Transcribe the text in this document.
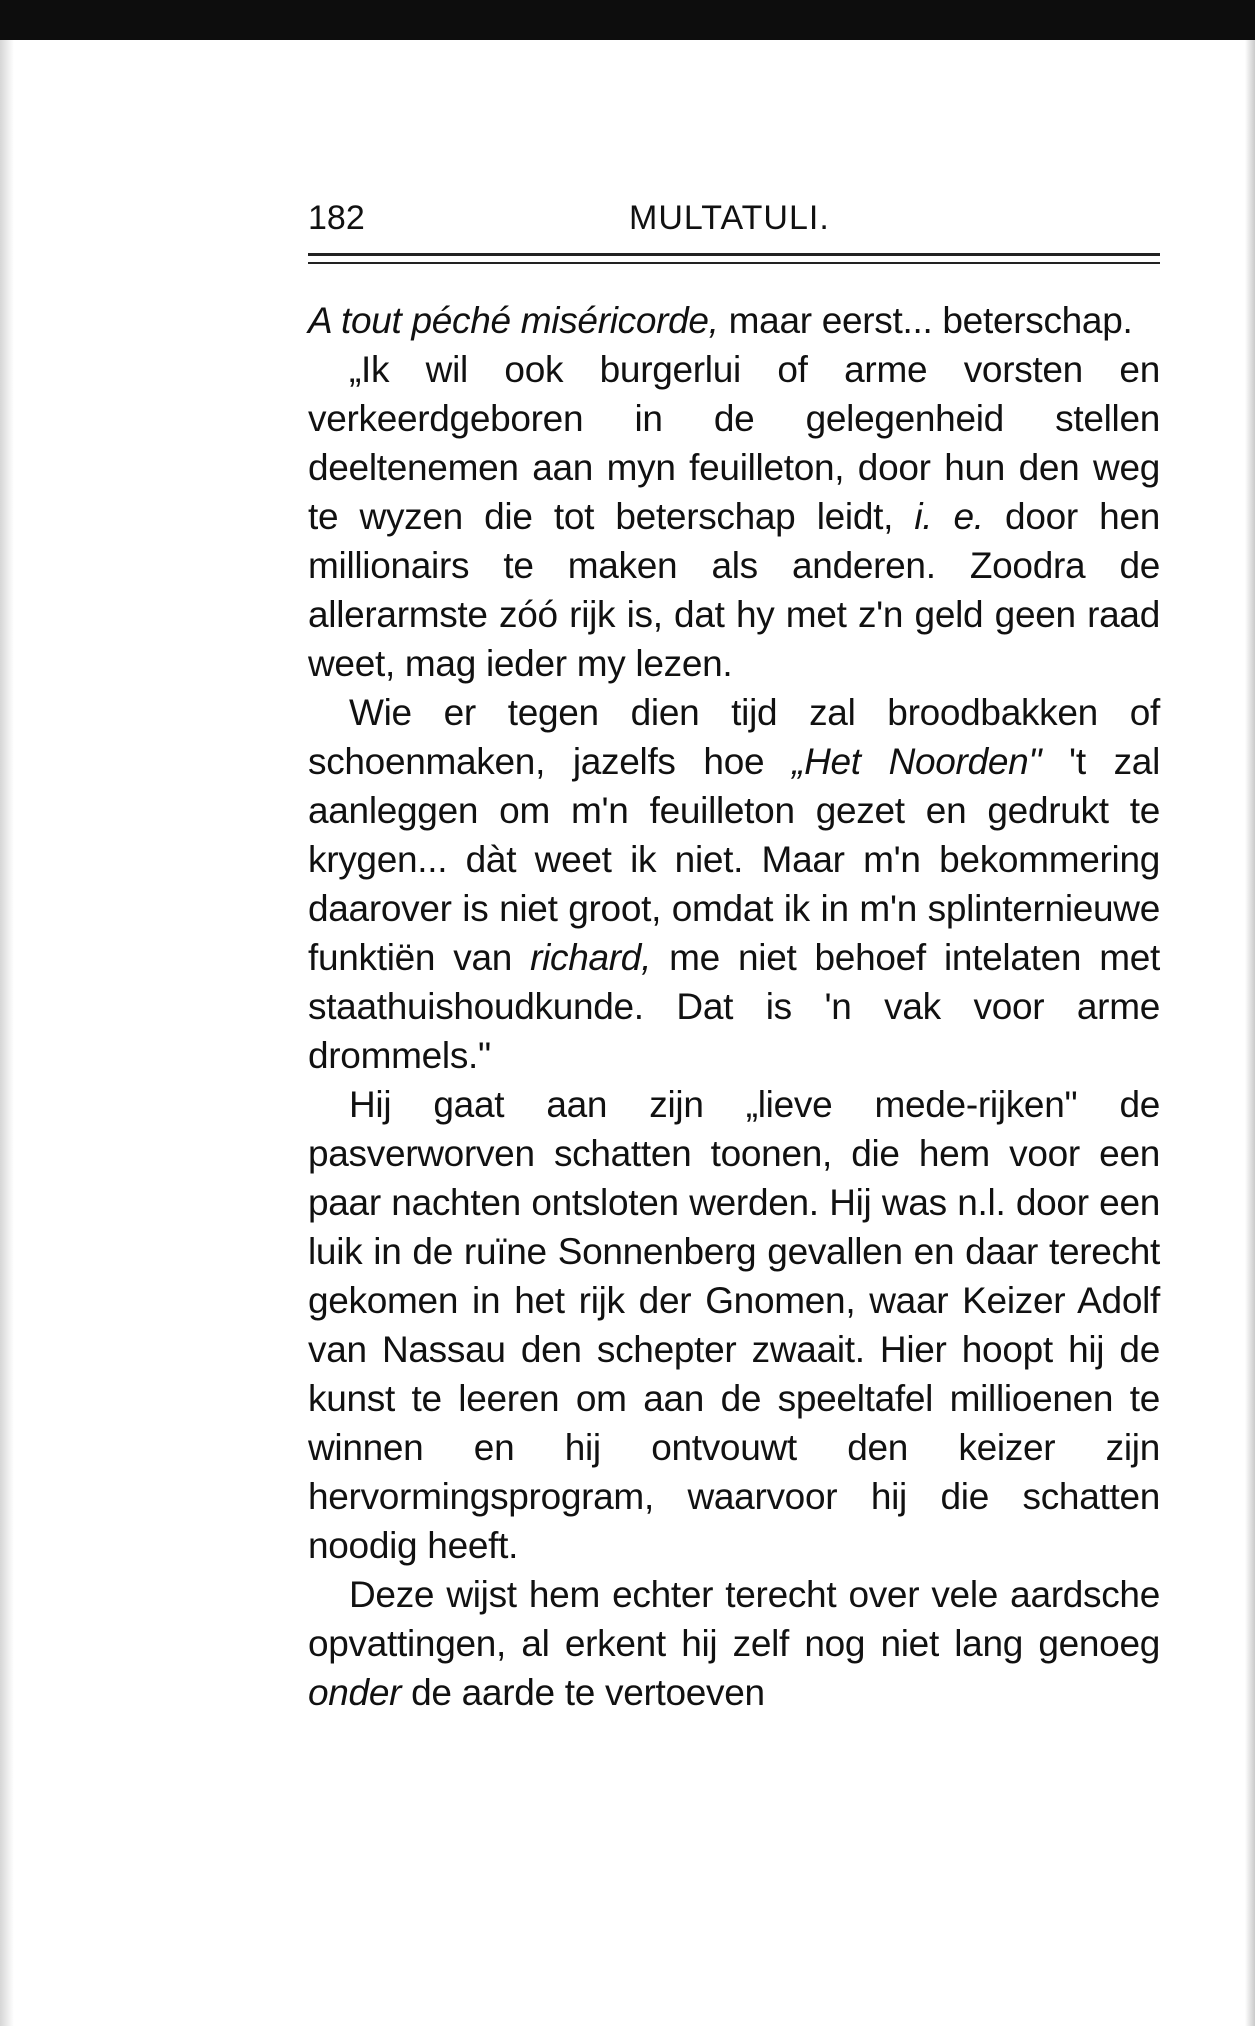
182	MULTATULI.

A tout péché miséricorde, maar eerst... beterschap.

„Ik wil ook burgerlui of arme vorsten en verkeerdgeboren in de gelegenheid stellen deeltenemen aan myn feuilleton, door hun den weg te wyzen die tot beterschap leidt, i. e. door hen millionairs te maken als anderen. Zoodra de allerarmste zóó rijk is, dat hy met z'n geld geen raad weet, mag ieder my lezen.

Wie er tegen dien tijd zal broodbakken of schoenmaken, jazelfs hoe „Het Noorden" 't zal aanleggen om m'n feuilleton gezet en gedrukt te krygen... dàt weet ik niet. Maar m'n bekommering daarover is niet groot, omdat ik in m'n splinternieuwe funktiën van richard, me niet behoef intelaten met staathuishoudkunde. Dat is 'n vak voor arme drommels."

Hij gaat aan zijn „lieve mede-rijken" de pasverworven schatten toonen, die hem voor een paar nachten ontsloten werden. Hij was n.l. door een luik in de ruïne Sonnenberg gevallen en daar terecht gekomen in het rijk der Gnomen, waar Keizer Adolf van Nassau den schepter zwaait. Hier hoopt hij de kunst te leeren om aan de speeltafel millioenen te winnen en hij ontvouwt den keizer zijn hervormingsprogram, waarvoor hij die schatten noodig heeft.

Deze wijst hem echter terecht over vele aardsche opvattingen, al erkent hij zelf nog niet lang genoeg onder de aarde te vertoeven
